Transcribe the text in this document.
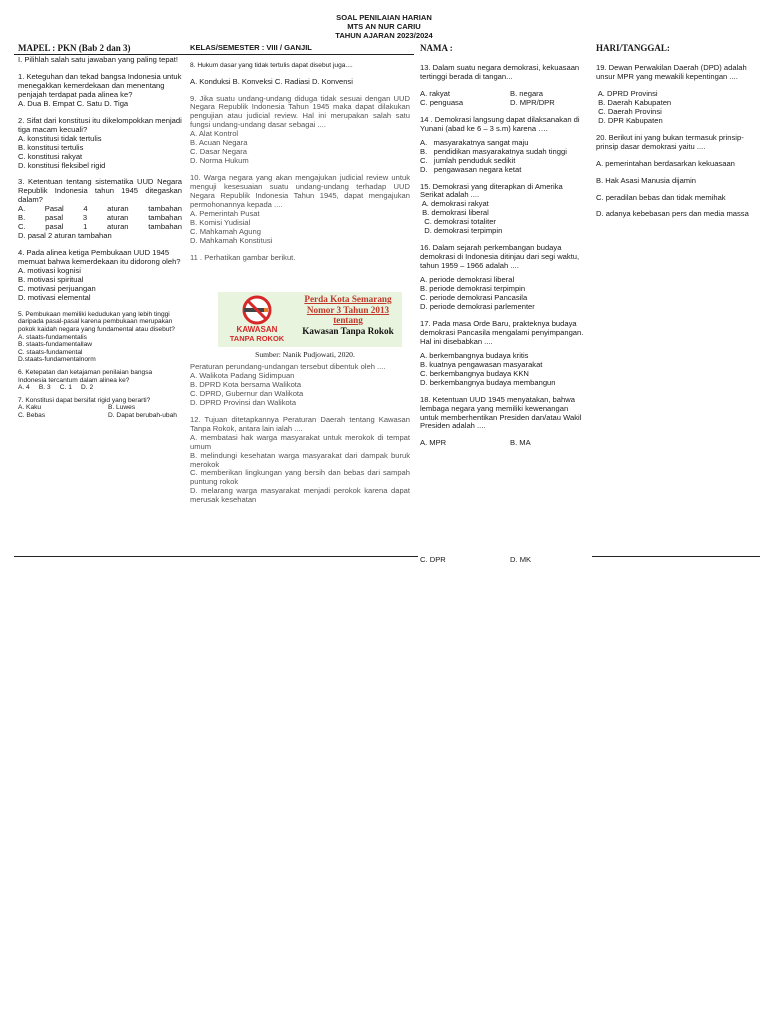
SOAL PENILAIAN HARIAN
MTS AN NUR CARIU
TAHUN AJARAN 2023/2024
MAPEL : PKN (Bab 2 dan 3)	KELAS/SEMESTER : VIII / GANJIL	NAMA :	HARI/TANGGAL:

I. Pilihlah salah satu jawaban yang paling tepat!

1. Keteguhan dan tekad bangsa Indonesia untuk menegakkan kemerdekaan dan menentang penjajah terdapat pada alinea ke?

A. Dua B. Empat C. Satu D. Tiga

2. Sifat dari konstitusi itu dikelompokkan menjadi tiga macam kecuali?

A. konstitusi tidak tertulis

B. konstitusi tertulis

C. konstitusi rakyat

D. konstitusi fleksibel rigid

3. Ketentuan tentang sistematika UUD Negara Republik Indonesia tahun 1945 ditegaskan dalam?

A.	Pasal	4	aturan	tambahan

B.	pasal	3	aturan	tambahan

C.	pasal	1	aturan	tambahan

D. pasal 2 aturan tambahan

4. Pada alinea ketiga Pembukaan UUD 1945 memuat bahwa kemerdekaan itu didorong oleh?

A. motivasi kognisi

B. motivasi spiritual

C. motivasi perjuangan

D. motivasi elemental

5. Pembukaan memiliki kedudukan yang lebih tinggi daripada pasal-pasal karena pembukaan merupakan pokok kaidah negara yang fundamental atau disebut?

A. staats-fundamentalis

B. staats-fundamentallaw

C. staats-fundamental

D.staats-fundamentalnorm

6. Ketepatan dan ketajaman penilaian bangsa Indonesia tercantum dalam alinea ke?

A. 4     B. 3     C. 1     D. 2

7. Konstitusi dapat bersifat rigid yang berarti?

A. Kaku	B. Luwes

C. Bebas	D. Dapat berubah-ubah

8. Hukum dasar yang tidak tertulis dapat disebut juga....

A. Konduksi B. Konveksi C. Radiasi D. Konvensi

9. Jika suatu undang-undang diduga tidak sesuai dengan UUD Negara Republik Indonesia Tahun 1945 maka dapat dilakukan pengujian atau judicial review. Hal ini merupakan salah satu fungsi undang-undang dasar sebagai ....

A. Alat Kontrol

B. Acuan Negara

C. Dasar Negara

D. Norma Hukum

10. Warga negara yang akan mengajukan judicial review untuk menguji kesesuaian suatu undang-undang terhadap UUD Negara Republik Indonesia Tahun 1945, dapat mengajukan permohonannya kepada ....

A. Pemerintah Pusat

B. Komisi Yudisial

C. Mahkamah Agung

D. Mahkamah Konstitusi

11 . Perhatikan gambar berikut.

KAWASAN
TANPA ROKOK
Perda Kota Semarang
Nomor 3 Tahun 2013
tentang
Kawasan Tanpa Rokok
Sumber: Nanik Pudjowati, 2020.

Peraturan perundang-undangan tersebut dibentuk oleh ....

A. Walikota Padang Sidimpuan

B. DPRD Kota bersama Walikota

C. DPRD, Gubernur dan Walikota

D. DPRD Provinsi dan Walikota

12. Tujuan ditetapkannya Peraturan Daerah tentang Kawasan Tanpa Rokok, antara lain ialah ....

A. membatasi hak warga masyarakat untuk merokok di tempat umum

B. melindungi kesehatan warga masyarakat dari dampak buruk merokok

C. memberikan lingkungan yang bersih dan bebas dari sampah puntung rokok

D. melarang warga masyarakat menjadi perokok karena dapat merusak kesehatan

13. Dalam suatu negara demokrasi, kekuasaan tertinggi berada di tangan...

A. rakyat	B. negara

C. penguasa	D. MPR/DPR

14 . Demokrasi langsung dapat dilaksanakan di Yunani (abad ke 6 – 3 s.m) karena ….

A.   masyarakatnya sangat maju

B.   pendidikan masyarakatnya sudah tinggi

C.   jumlah penduduk sedikit

D.   pengawasan negara ketat

15. Demokrasi yang diterapkan di Amerika Serikat adalah ....

A. demokrasi rakyat

B. demokrasi liberal

C. demokrasi totaliter

D. demokrasi terpimpin

16. Dalam sejarah perkembangan budaya demokrasi di Indonesia ditinjau dari segi waktu, tahun 1959 – 1966 adalah ....

A. periode demokrasi liberal

B. periode demokrasi terpimpin

C. periode demokrasi Pancasila

D. periode demokrasi parlementer

17. Pada masa Orde Baru, prakteknya budaya demokrasi Pancasila mengalami penyimpangan. Hal ini disebabkan ....

A. berkembangnya budaya kritis

B. kuatnya pengawasan masyarakat

C. berkembangnya budaya KKN

D. berkembangnya budaya membangun

18. Ketentuan UUD 1945 menyatakan, bahwa lembaga negara yang memiliki kewenangan untuk memberhentikan Presiden dan/atau Wakil Presiden adalah ....

A. MPR	B. MA

C. DPR	D. MK

19. Dewan Perwakilan Daerah (DPD) adalah unsur MPR yang mewakili kepentingan ....

A. DPRD Provinsi

B. Daerah Kabupaten

C. Daerah Provinsi

D. DPR Kabupaten

20. Berikut ini yang bukan termasuk prinsip-prinsip dasar demokrasi yaitu ....

A. pemerintahan berdasarkan kekuasaan

B. Hak Asasi Manusia dijamin

C. peradilan bebas dan tidak memihak

D. adanya kebebasan pers dan media massa
